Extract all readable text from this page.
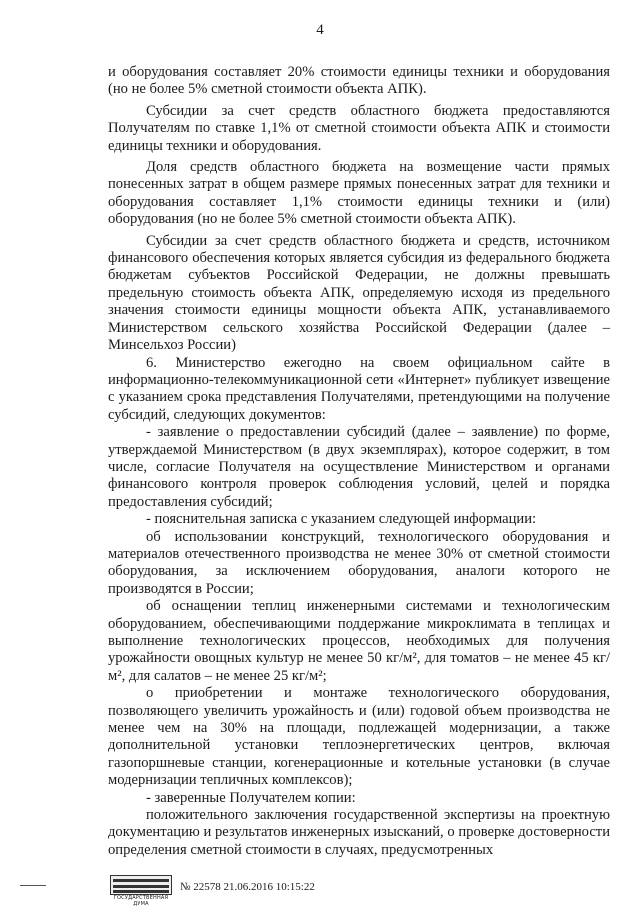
4

и оборудования составляет 20% стоимости единицы техники и оборудования (но не более 5% сметной стоимости объекта АПК).

Субсидии за счет средств областного бюджета предоставляются Получателям по ставке 1,1% от сметной стоимости объекта АПК и стоимости единицы техники и оборудования.

Доля средств областного бюджета на возмещение части прямых понесенных затрат в общем размере прямых понесенных затрат для техники и оборудования составляет 1,1% стоимости единицы техники и (или) оборудования (но не более 5% сметной стоимости объекта АПК).

Субсидии за счет средств областного бюджета и средств, источником финансового обеспечения которых является субсидия из федерального бюджета бюджетам субъектов Российской Федерации, не должны превышать предельную стоимость объекта АПК, определяемую исходя из предельного значения стоимости единицы мощности объекта АПК, устанавливаемого Министерством сельского хозяйства Российской Федерации (далее – Минсельхоз России)

6. Министерство ежегодно на своем официальном сайте в информационно-телекоммуникационной сети «Интернет» публикует извещение с указанием срока представления Получателями, претендующими на получение субсидий, следующих документов:

- заявление о предоставлении субсидий (далее – заявление) по форме, утверждаемой Министерством (в двух экземплярах), которое содержит, в том числе, согласие Получателя на осуществление Министерством и органами финансового контроля проверок соблюдения условий, целей и порядка предоставления субсидий;

- пояснительная записка с указанием следующей информации:

об использовании конструкций, технологического оборудования и материалов отечественного производства не менее 30% от сметной стоимости оборудования, за исключением оборудования, аналоги которого не производятся в России;

об оснащении теплиц инженерными системами и технологическим оборудованием, обеспечивающими поддержание микроклимата в теплицах и выполнение технологических процессов, необходимых для получения урожайности овощных культур не менее 50 кг/м², для томатов – не менее 45 кг/м², для салатов – не менее 25 кг/м²;

о приобретении и монтаже технологического оборудования, позволяющего увеличить урожайность и (или) годовой объем производства не менее чем на 30% на площади, подлежащей модернизации, а также дополнительной установки теплоэнергетических центров, включая газопоршневые станции, когенерационные и котельные установки (в случае модернизации тепличных комплексов);

- заверенные Получателем копии:

положительного заключения государственной экспертизы на проектную документацию и результатов инженерных изысканий, о проверке достоверности определения сметной стоимости в случаях, предусмотренных

ГОСУДАРСТВЕННАЯ ДУМА
№ 22578 21.06.2016 10:15:22
